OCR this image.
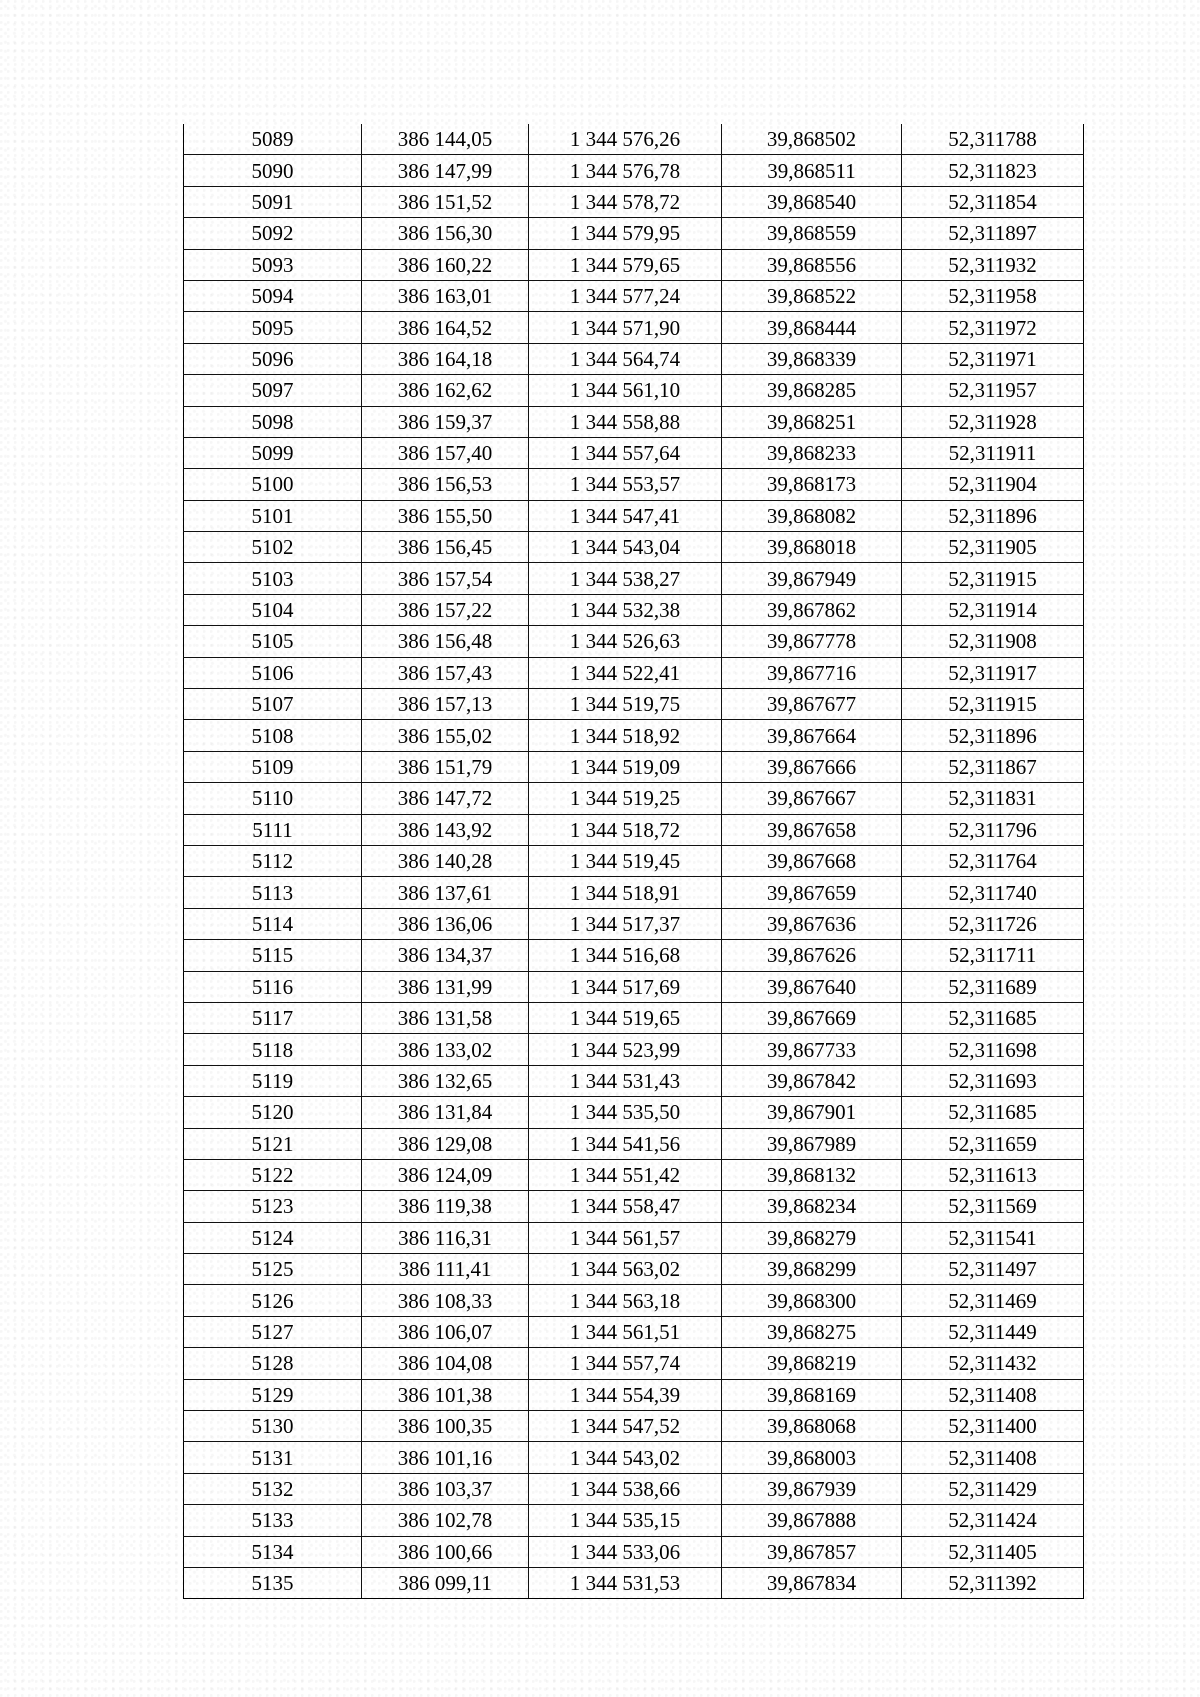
5089	386 144,05	1 344 576,26	39,868502	52,311788
5090	386 147,99	1 344 576,78	39,868511	52,311823
5091	386 151,52	1 344 578,72	39,868540	52,311854
5092	386 156,30	1 344 579,95	39,868559	52,311897
5093	386 160,22	1 344 579,65	39,868556	52,311932
5094	386 163,01	1 344 577,24	39,868522	52,311958
5095	386 164,52	1 344 571,90	39,868444	52,311972
5096	386 164,18	1 344 564,74	39,868339	52,311971
5097	386 162,62	1 344 561,10	39,868285	52,311957
5098	386 159,37	1 344 558,88	39,868251	52,311928
5099	386 157,40	1 344 557,64	39,868233	52,311911
5100	386 156,53	1 344 553,57	39,868173	52,311904
5101	386 155,50	1 344 547,41	39,868082	52,311896
5102	386 156,45	1 344 543,04	39,868018	52,311905
5103	386 157,54	1 344 538,27	39,867949	52,311915
5104	386 157,22	1 344 532,38	39,867862	52,311914
5105	386 156,48	1 344 526,63	39,867778	52,311908
5106	386 157,43	1 344 522,41	39,867716	52,311917
5107	386 157,13	1 344 519,75	39,867677	52,311915
5108	386 155,02	1 344 518,92	39,867664	52,311896
5109	386 151,79	1 344 519,09	39,867666	52,311867
5110	386 147,72	1 344 519,25	39,867667	52,311831
5111	386 143,92	1 344 518,72	39,867658	52,311796
5112	386 140,28	1 344 519,45	39,867668	52,311764
5113	386 137,61	1 344 518,91	39,867659	52,311740
5114	386 136,06	1 344 517,37	39,867636	52,311726
5115	386 134,37	1 344 516,68	39,867626	52,311711
5116	386 131,99	1 344 517,69	39,867640	52,311689
5117	386 131,58	1 344 519,65	39,867669	52,311685
5118	386 133,02	1 344 523,99	39,867733	52,311698
5119	386 132,65	1 344 531,43	39,867842	52,311693
5120	386 131,84	1 344 535,50	39,867901	52,311685
5121	386 129,08	1 344 541,56	39,867989	52,311659
5122	386 124,09	1 344 551,42	39,868132	52,311613
5123	386 119,38	1 344 558,47	39,868234	52,311569
5124	386 116,31	1 344 561,57	39,868279	52,311541
5125	386 111,41	1 344 563,02	39,868299	52,311497
5126	386 108,33	1 344 563,18	39,868300	52,311469
5127	386 106,07	1 344 561,51	39,868275	52,311449
5128	386 104,08	1 344 557,74	39,868219	52,311432
5129	386 101,38	1 344 554,39	39,868169	52,311408
5130	386 100,35	1 344 547,52	39,868068	52,311400
5131	386 101,16	1 344 543,02	39,868003	52,311408
5132	386 103,37	1 344 538,66	39,867939	52,311429
5133	386 102,78	1 344 535,15	39,867888	52,311424
5134	386 100,66	1 344 533,06	39,867857	52,311405
5135	386 099,11	1 344 531,53	39,867834	52,311392
